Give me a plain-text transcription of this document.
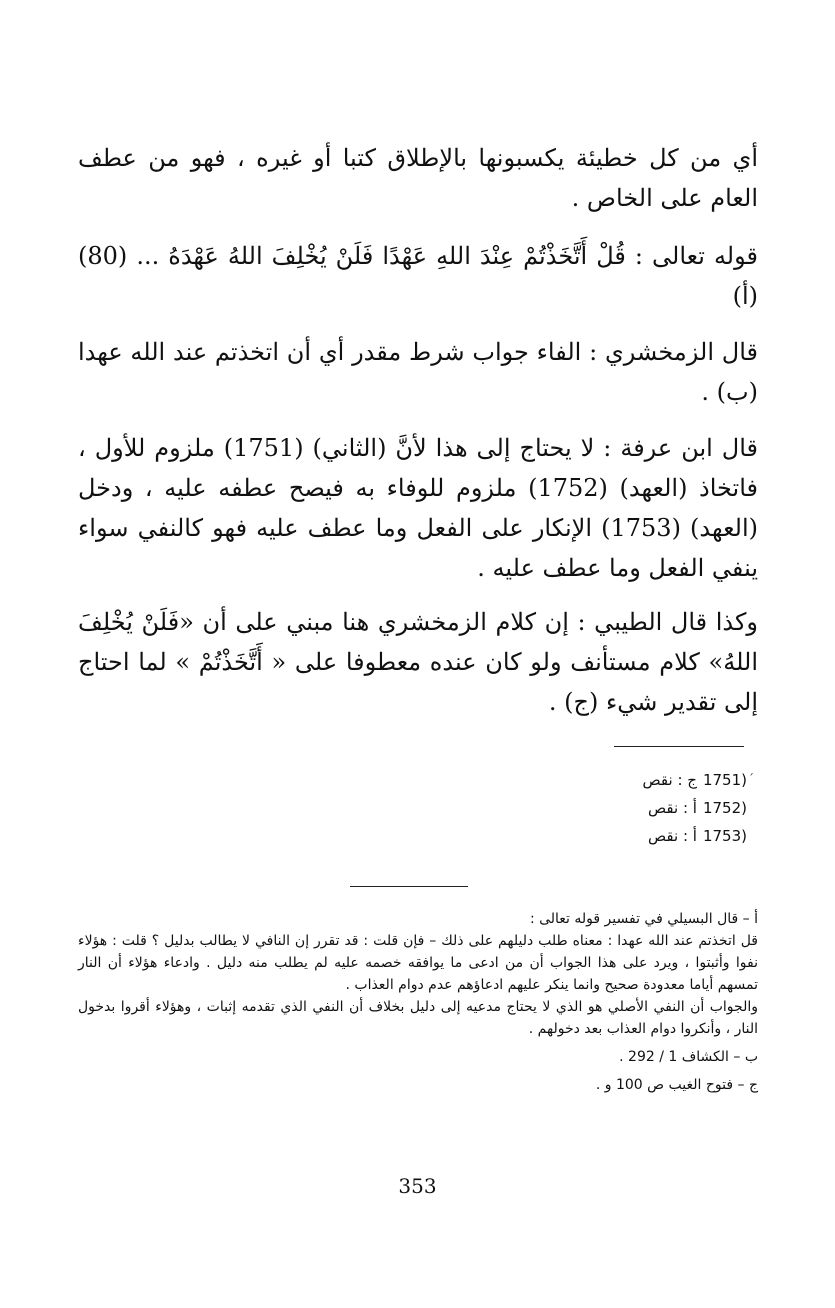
أي من كل خطيئة يكسبونها بالإطلاق كتبا أو غيره ، فهو من عطف العام على الخاص .

قوله تعالى : قُلْ أَتَّخَذْتُمْ عِنْدَ اللهِ عَهْدًا فَلَنْ يُخْلِفَ اللهُ عَهْدَهُ ... (80) (أ)

قال الزمخشري : الفاء جواب شرط مقدر أي أن اتخذتم عند الله عهدا (ب) .

قال ابن عرفة : لا يحتاج إلى هذا لأنَّ (الثاني) (1751) ملزوم للأول ، فاتخاذ (العهد) (1752) ملزوم للوفاء به فيصح عطفه عليه ، ودخل (العهد) (1753) الإنكار على الفعل وما عطف عليه فهو كالنفي سواء ينفي الفعل وما عطف عليه .

وكذا قال الطيبي : إن كلام الزمخشري هنا مبني على أن «فَلَنْ يُخْلِفَ اللهُ» كلام مستأنف ولو كان عنده معطوفا على « أَتَّخَذْتُمْ » لما احتاج إلى تقدير شيء (ج) .

ˊ
(1751ج : نقص
(1752أ : نقص
(1753أ : نقص

أ – قال البسيلي في تفسير قوله تعالى :

قل اتخذتم عند الله عهدا : معناه طلب دليلهم على ذلك – فإن قلت : قد تقرر إن النافي لا يطالب بدليل ؟ قلت : هؤلاء نفوا وأثبتوا ، ويرد على هذا الجواب أن من ادعى ما يوافقه خصمه عليه لم يطلب منه دليل . وادعاء هؤلاء أن النار تمسهم أياما معدودة صحيح وانما ينكر عليهم ادعاؤهم عدم دوام العذاب .

والجواب أن النفي الأصلي هو الذي لا يحتاج مدعيه إلى دليل بخلاف أن النفي الذي تقدمه إثبات ، وهؤلاء أقروا بدخول النار ، وأنكروا دوام العذاب بعد دخولهم .

ب – الكشاف 1 / 292 .

ج – فتوح الغيب ص 100 و .

353
